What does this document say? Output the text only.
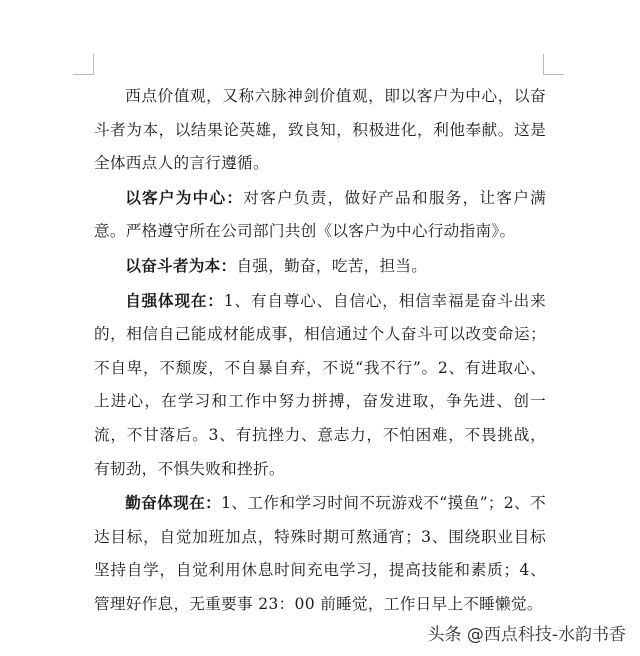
西点价值观，又称六脉神剑价值观，即以客户为中心，以奋斗者为本，以结果论英雄，致良知，积极进化，利他奉献。这是全体西点人的言行遵循。

以客户为中心：对客户负责，做好产品和服务，让客户满意。严格遵守所在公司部门共创《以客户为中心行动指南》。

以奋斗者为本：自强，勤奋，吃苦，担当。

自强体现在：1、有自尊心、自信心，相信幸福是奋斗出来的，相信自己能成材能成事，相信通过个人奋斗可以改变命运；不自卑，不颓废，不自暴自弃，不说“我不行”。2、有进取心、上进心，在学习和工作中努力拼搏，奋发进取，争先进、创一流，不甘落后。3、有抗挫力、意志力，不怕困难，不畏挑战，有韧劲，不惧失败和挫折。

勤奋体现在：1、工作和学习时间不玩游戏不“摸鱼”；2、不达目标，自觉加班加点，特殊时期可熬通宵；3、围绕职业目标坚持自学，自觉利用休息时间充电学习，提高技能和素质；4、管理好作息，无重要事 23：00 前睡觉，工作日早上不睡懒觉。

头条 @西点科技-水韵书香
